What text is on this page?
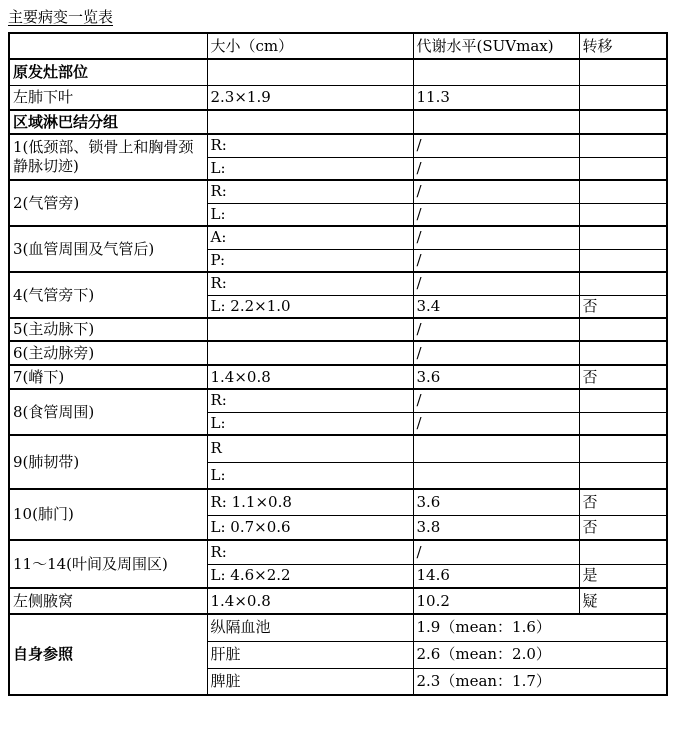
主要病变一览表
	大小（cm）	代谢水平(SUVmax)	转移
原发灶部位			
左肺下叶	2.3×1.9	11.3	
区域淋巴结分组			
1(低颈部、锁骨上和胸骨颈静脉切迹)	R:	/	
	L:	/	
2(气管旁)	R:	/	
	L:	/	
3(血管周围及气管后)	A:	/	
	P:	/	
4(气管旁下)	R:	/	
	L: 2.2×1.0	3.4	否
5(主动脉下)		/	
6(主动脉旁)		/	
7(嵴下)	1.4×0.8	3.6	否
8(食管周围)	R:	/	
	L:	/	
9(肺韧带)	R		
	L:		
10(肺门)	R: 1.1×0.8	3.6	否
	L: 0.7×0.6	3.8	否
11～14(叶间及周围区)	R:	/	
	L: 4.6×2.2	14.6	是
左侧腋窝	1.4×0.8	10.2	疑
自身参照	纵隔血池	1.9（mean：1.6）	
	肝脏	2.6（mean：2.0）	
	脾脏	2.3（mean：1.7）	
